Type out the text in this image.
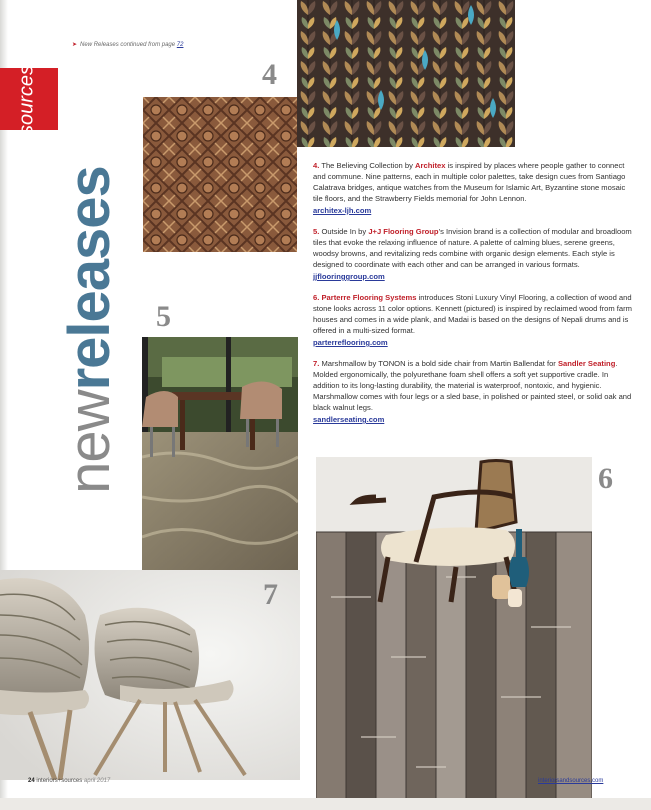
➤ New Releases continued from page 72
sources
newreleases
4
5
4. The Believing Collection by Architex is inspired by places where people gather to connect and commune. Nine patterns, each in multiple color palettes, take design cues from Santiago Calatrava bridges, antique watches from the Museum for Islamic Art, Byzantine stone mosaic tile floors, and the Strawberry Fields memorial for John Lennon.
architex-ljh.com
5. Outside In by J+J Flooring Group’s Invision brand is a collection of modular and broadloom tiles that evoke the relaxing influence of nature. A palette of calming blues, serene greens, woodsy browns, and revitalizing reds combine with organic design elements. Each style is designed to coordinate with each other and can be arranged in various formats.
jjflooringgroup.com
6. Parterre Flooring Systems introduces Stoni Luxury Vinyl Flooring, a collection of wood and stone looks across 11 color options. Kennett (pictured) is inspired by reclaimed wood from farm houses and comes in a wide plank, and Madai is based on the designs of Nepali drums and is offered in a multi-sized format.
parterreflooring.com
7. Marshmallow by TONON is a bold side chair from Martin Ballendat for Sandler Seating. Molded ergonomically, the polyurethane foam shell offers a soft yet supportive cradle. In addition to its long-lasting durability, the material is waterproof, nontoxic, and hygienic. Marshmallow comes with four legs or a sled base, in polished or painted steel, or solid oak and black walnut legs.
sandlerseating.com
6
7
24 interiors+sources april 2017	interiorsandsources.com
